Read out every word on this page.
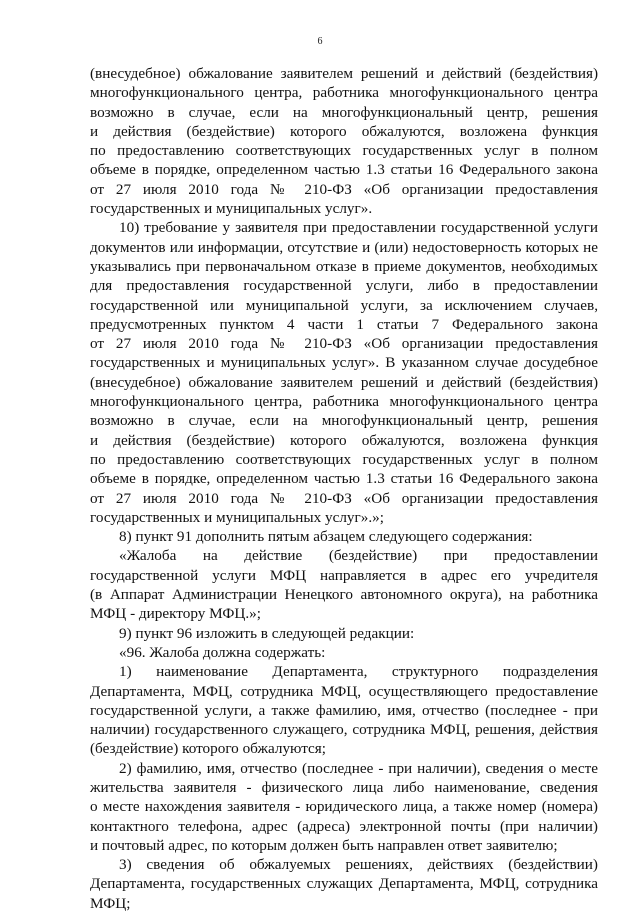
6
(внесудебное) обжалование заявителем решений и действий (бездействия)
многофункционального центра, работника многофункционального центра
возможно в случае, если на многофункциональный центр, решения
и действия (бездействие) которого обжалуются, возложена функция
по предоставлению соответствующих государственных услуг в полном
объеме в порядке, определенном частью 1.3 статьи 16 Федерального закона
от 27 июля 2010 года № 210-ФЗ «Об организации предоставления
государственных и муниципальных услуг».
10) требование у заявителя при предоставлении государственной услуги
документов или информации, отсутствие и (или) недостоверность которых не
указывались при первоначальном отказе в приеме документов, необходимых
для предоставления государственной услуги, либо в предоставлении
государственной или муниципальной услуги, за исключением случаев,
предусмотренных пунктом 4 части 1 статьи 7 Федерального закона
от 27 июля 2010 года № 210-ФЗ «Об организации предоставления
государственных и муниципальных услуг». В указанном случае досудебное
(внесудебное) обжалование заявителем решений и действий (бездействия)
многофункционального центра, работника многофункционального центра
возможно в случае, если на многофункциональный центр, решения
и действия (бездействие) которого обжалуются, возложена функция
по предоставлению соответствующих государственных услуг в полном
объеме в порядке, определенном частью 1.3 статьи 16 Федерального закона
от 27 июля 2010 года № 210-ФЗ «Об организации предоставления
государственных и муниципальных услуг».»;
8) пункт 91 дополнить пятым абзацем следующего содержания:
«Жалоба на действие (бездействие) при предоставлении
государственной услуги МФЦ направляется в адрес его учредителя
(в Аппарат Администрации Ненецкого автономного округа), на работника
МФЦ - директору МФЦ.»;
9) пункт 96 изложить в следующей редакции:
«96. Жалоба должна содержать:
1) наименование Департамента, структурного подразделения
Департамента, МФЦ, сотрудника МФЦ, осуществляющего предоставление
государственной услуги, а также фамилию, имя, отчество (последнее - при
наличии) государственного служащего, сотрудника МФЦ, решения, действия
(бездействие) которого обжалуются;
2) фамилию, имя, отчество (последнее - при наличии), сведения о месте
жительства заявителя - физического лица либо наименование, сведения
о месте нахождения заявителя - юридического лица, а также номер (номера)
контактного телефона, адрес (адреса) электронной почты (при наличии)
и почтовый адрес, по которым должен быть направлен ответ заявителю;
3) сведения об обжалуемых решениях, действиях (бездействии)
Департамента, государственных служащих Департамента, МФЦ, сотрудника
МФЦ;
